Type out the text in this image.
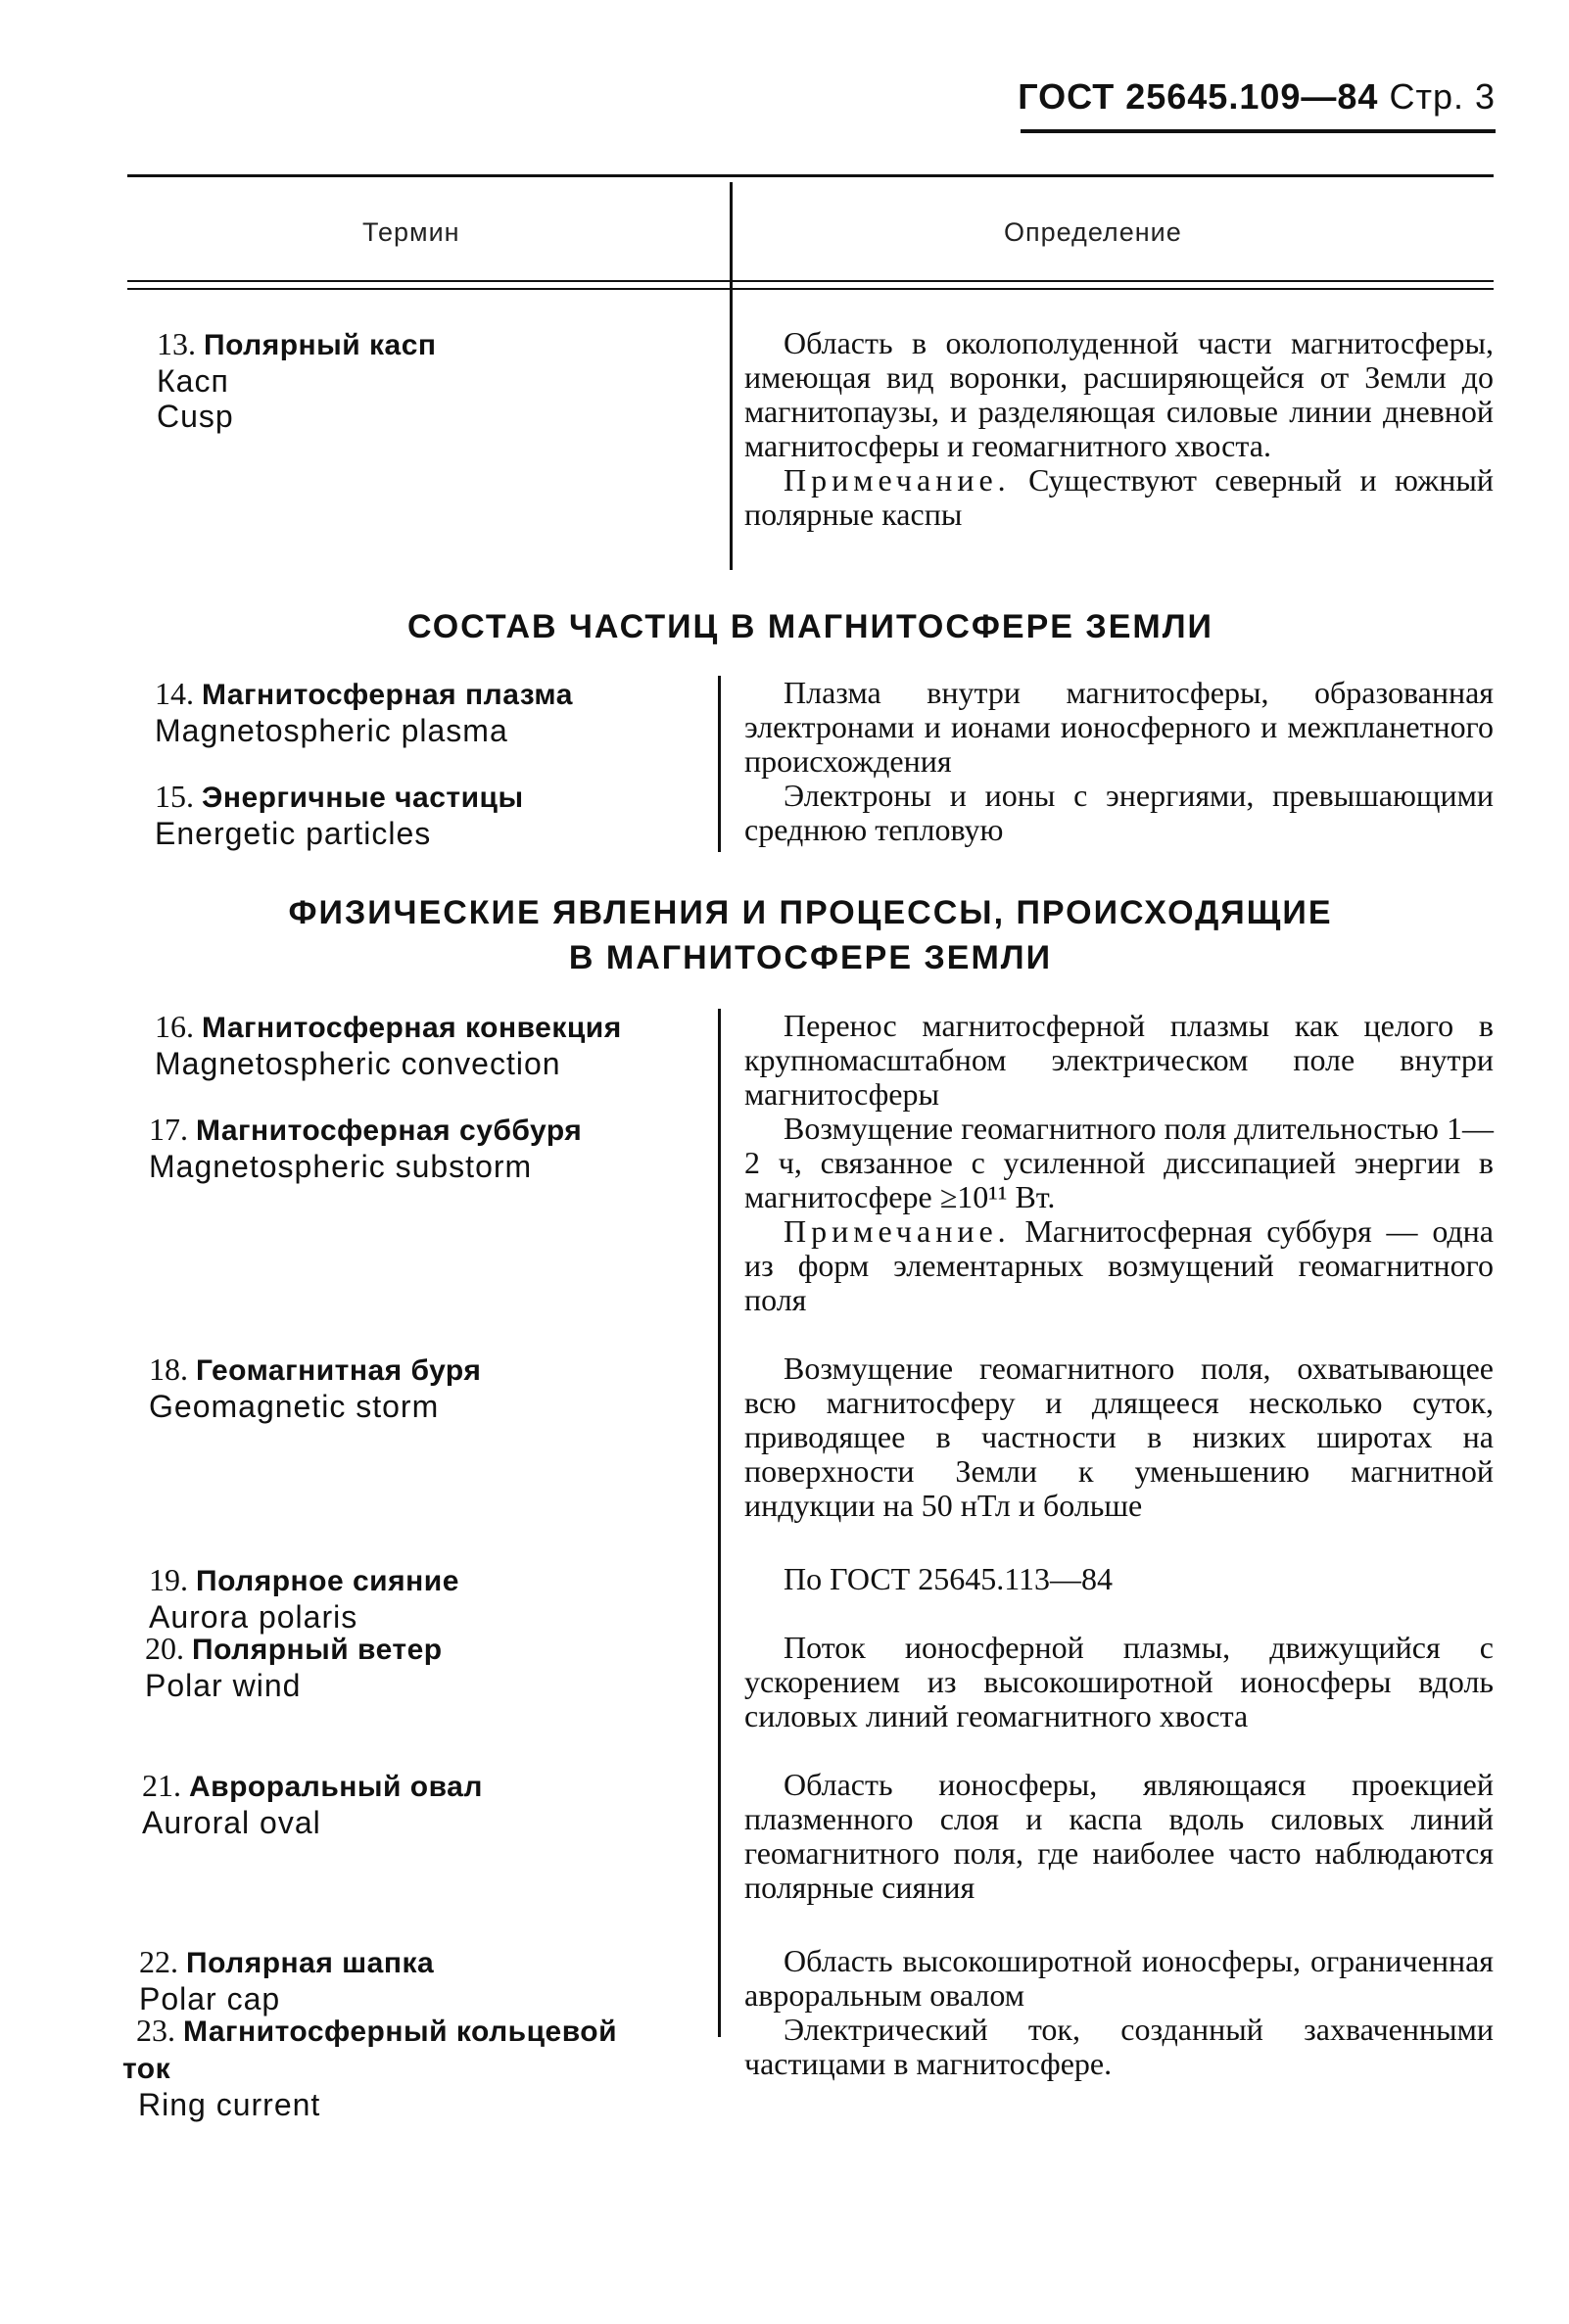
ГОСТ 25645.109—84 Стр. 3
Термин	Определение
13. Полярный касп
Касп
Cusp

Область в околополуденной части магнитосферы, имеющая вид воронки, расширяющейся от Земли до магнитопаузы, и разделяющая силовые линии дневной магнитосферы и геомагнитного хвоста.

Примечание. Существуют северный и южный полярные каспы

СОСТАВ ЧАСТИЦ В МАГНИТОСФЕРЕ ЗЕМЛИ
14. Магнитосферная плазма
Magnetospheric plasma

Плазма внутри магнитосферы, образованная электронами и ионами ионосферного и межпланетного происхождения

15. Энергичные частицы
Energetic particles

Электроны и ионы с энергиями, превышающими среднюю тепловую

ФИЗИЧЕСКИЕ ЯВЛЕНИЯ И ПРОЦЕССЫ, ПРОИСХОДЯЩИЕ
В МАГНИТОСФЕРЕ ЗЕМЛИ
16. Магнитосферная конвекция
Magnetospheric convection

Перенос магнитосферной плазмы как целого в крупномасштабном электрическом поле внутри магнитосферы

17. Магнитосферная суббуря
Magnetospheric substorm

Возмущение геомагнитного поля длительностью 1—2 ч, связанное с усиленной диссипацией энергии в магнитосфере ≥10¹¹ Вт.

Примечание. Магнитосферная суббуря — одна из форм элементарных возмущений геомагнитного поля

18. Геомагнитная буря
Geomagnetic storm

Возмущение геомагнитного поля, охватывающее всю магнитосферу и длящееся несколько суток, приводящее в частности в низких широтах на поверхности Земли к уменьшению магнитной индукции на 50 нТл и больше

19. Полярное сияние
Aurora polaris

По ГОСТ 25645.113—84

20. Полярный ветер
Polar wind

Поток ионосферной плазмы, движущийся с ускорением из высокоширотной ионосферы вдоль силовых линий геомагнитного хвоста

21. Авроральный овал
Auroral oval

Область ионосферы, являющаяся проекцией плазменного слоя и каспа вдоль силовых линий геомагнитного поля, где наиболее часто наблюдаются полярные сияния

22. Полярная шапка
Polar cap

Область высокоширотной ионосферы, ограниченная авроральным овалом

23. Магнитосферный кольцевой ток
Ring current

Электрический ток, созданный захваченными частицами в магнитосфере.
